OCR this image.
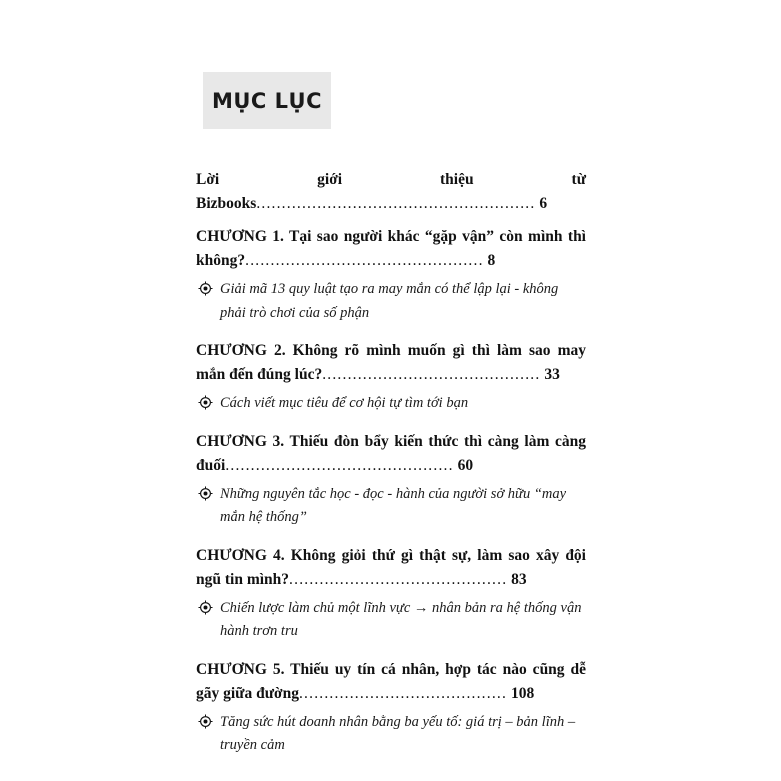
MỤC LỤC
Lời giới thiệu từ Bizbooks....................................................... 6
CHƯƠNG 1. Tại sao người khác “gặp vận” còn mình thì không?............................................... 8
Giải mã 13 quy luật tạo ra may mắn có thể lập lại - không phải trò chơi của số phận
CHƯƠNG 2. Không rõ mình muốn gì thì làm sao may mắn đến đúng lúc?........................................... 33
Cách viết mục tiêu để cơ hội tự tìm tới bạn
CHƯƠNG 3. Thiếu đòn bẩy kiến thức thì càng làm càng đuối............................................. 60
Những nguyên tắc học - đọc - hành của người sở hữu “may mắn hệ thống”
CHƯƠNG 4. Không giỏi thứ gì thật sự, làm sao xây đội ngũ tin mình?........................................... 83
Chiến lược làm chủ một lĩnh vực → nhân bản ra hệ thống vận hành trơn tru
CHƯƠNG 5. Thiếu uy tín cá nhân, hợp tác nào cũng dễ gãy giữa đường......................................... 108
Tăng sức hút doanh nhân bằng ba yếu tố: giá trị – bản lĩnh – truyền cảm
